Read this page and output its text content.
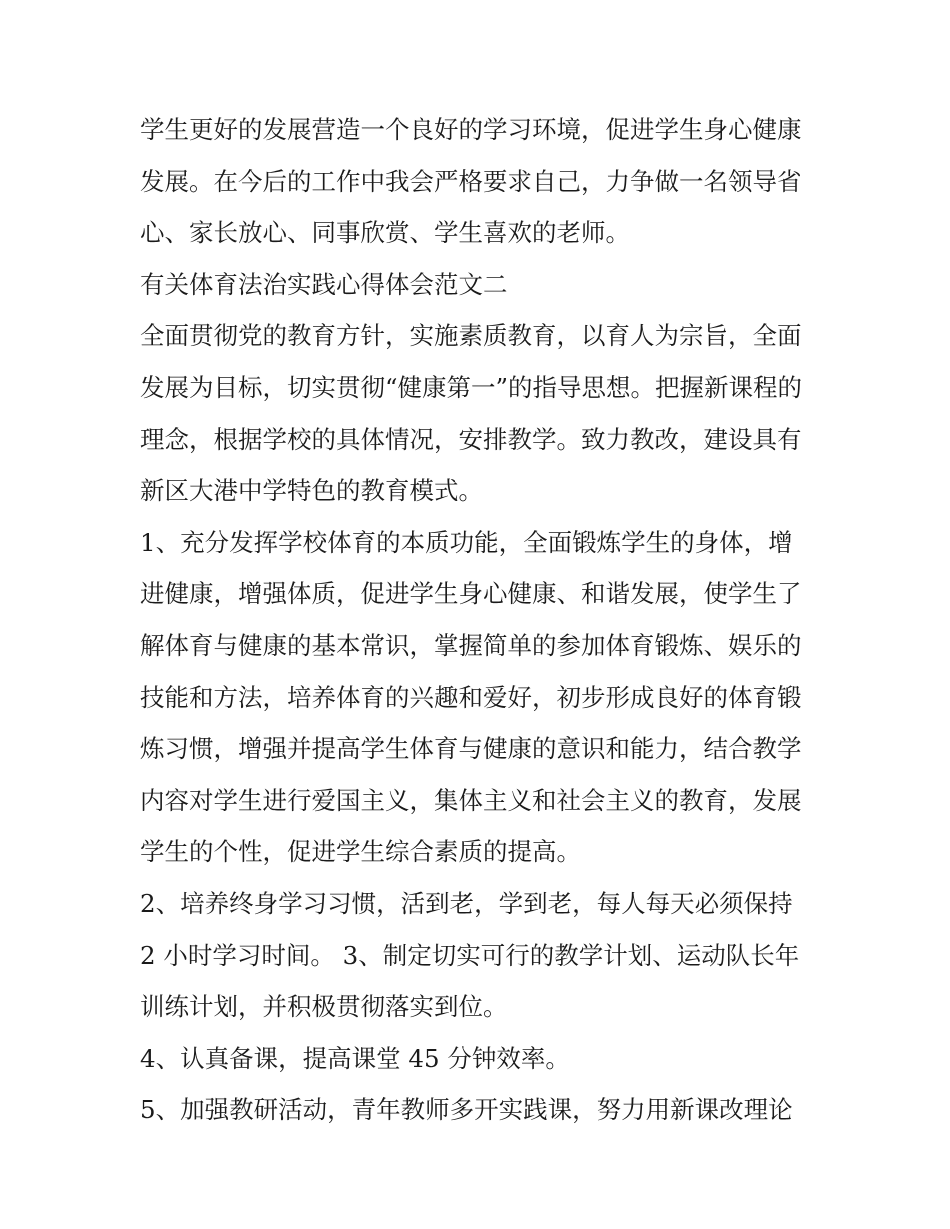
学生更好的发展营造一个良好的学习环境，促进学生身心健康
发展。在今后的工作中我会严格要求自己，力争做一名领导省
心、家长放心、同事欣赏、学生喜欢的老师。
有关体育法治实践心得体会范文二
全面贯彻党的教育方针，实施素质教育，以育人为宗旨，全面
发展为目标，切实贯彻“健康第一”的指导思想。把握新课程的
理念，根据学校的具体情况，安排教学。致力教改，建设具有
新区大港中学特色的教育模式。
1、充分发挥学校体育的本质功能，全面锻炼学生的身体，增
进健康，增强体质，促进学生身心健康、和谐发展，使学生了
解体育与健康的基本常识，掌握简单的参加体育锻炼、娱乐的
技能和方法，培养体育的兴趣和爱好，初步形成良好的体育锻
炼习惯，增强并提高学生体育与健康的意识和能力，结合教学
内容对学生进行爱国主义，集体主义和社会主义的教育，发展
学生的个性，促进学生综合素质的提高。
2、培养终身学习习惯，活到老，学到老，每人每天必须保持
2 小时学习时间。 3、制定切实可行的教学计划、运动队长年
训练计划，并积极贯彻落实到位。
4、认真备课，提高课堂 45 分钟效率。
5、加强教研活动，青年教师多开实践课，努力用新课改理论
